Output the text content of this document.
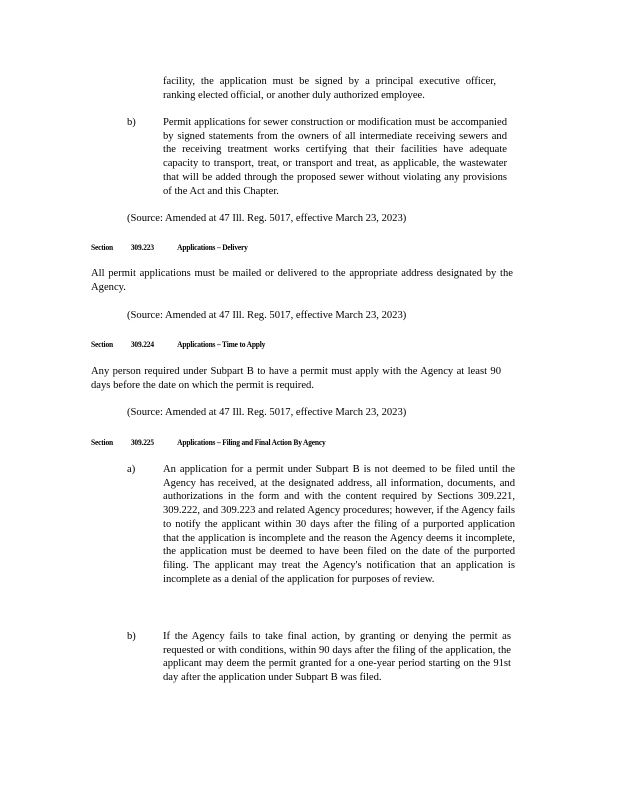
facility, the application must be signed by a principal executive officer, ranking elected official, or another duly authorized employee.
b)	Permit applications for sewer construction or modification must be accompanied by signed statements from the owners of all intermediate receiving sewers and the receiving treatment works certifying that their facilities have adequate capacity to transport, treat, or transport and treat, as applicable, the wastewater that will be added through the proposed sewer without violating any provisions of the Act and this Chapter.
(Source: Amended at 47 Ill. Reg. 5017, effective March 23, 2023)
Section 309.223	Applications – Delivery
All permit applications must be mailed or delivered to the appropriate address designated by the Agency.
(Source: Amended at 47 Ill. Reg. 5017, effective March 23, 2023)
Section 309.224	Applications – Time to Apply
Any person required under Subpart B to have a permit must apply with the Agency at least 90 days before the date on which the permit is required.
(Source: Amended at 47 Ill. Reg. 5017, effective March 23, 2023)
Section 309.225	Applications – Filing and Final Action By Agency
a)	An application for a permit under Subpart B is not deemed to be filed until the Agency has received, at the designated address, all information, documents, and authorizations in the form and with the content required by Sections 309.221, 309.222, and 309.223 and related Agency procedures; however, if the Agency fails to notify the applicant within 30 days after the filing of a purported application that the application is incomplete and the reason the Agency deems it incomplete, the application must be deemed to have been filed on the date of the purported filing. The applicant may treat the Agency's notification that an application is incomplete as a denial of the application for purposes of review.
b)	If the Agency fails to take final action, by granting or denying the permit as requested or with conditions, within 90 days after the filing of the application, the applicant may deem the permit granted for a one-year period starting on the 91st day after the application under Subpart B was filed.
